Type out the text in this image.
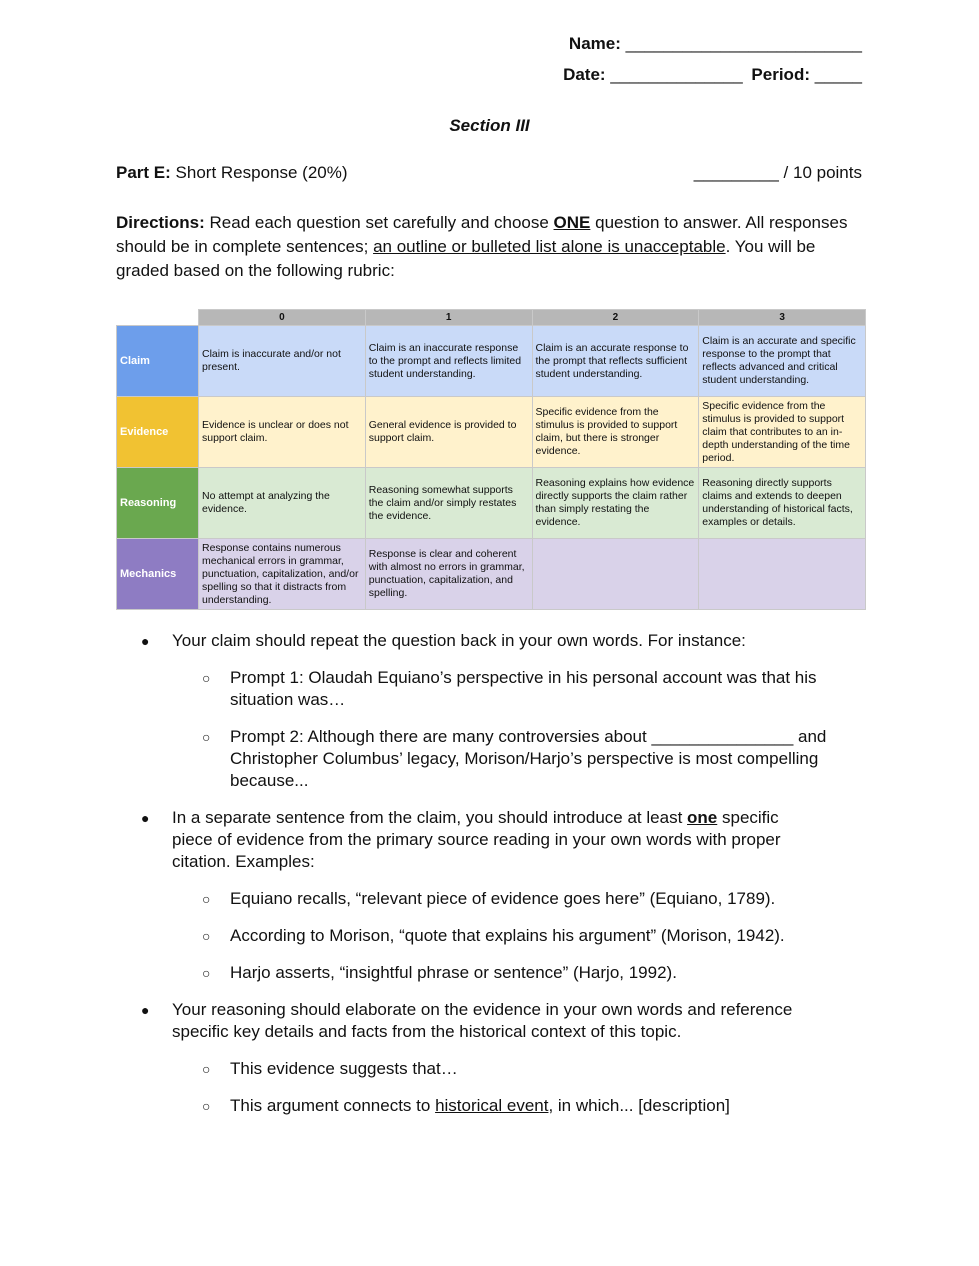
Name: _________________________
Date: ______________ Period: _____
Section III
Part E: Short Response (20%)	_________ / 10 points
Directions: Read each question set carefully and choose ONE question to answer. All responses should be in complete sentences; an outline or bulleted list alone is unacceptable. You will be graded based on the following rubric:
	0	1	2	3
Claim	Claim is inaccurate and/or not present.	Claim is an inaccurate response to the prompt and reflects limited student understanding.	Claim is an accurate response to the prompt that reflects sufficient student understanding.	Claim is an accurate and specific response to the prompt that reflects advanced and critical student understanding.
Evidence	Evidence is unclear or does not support claim.	General evidence is provided to support claim.	Specific evidence from the stimulus is provided to support claim, but there is stronger evidence.	Specific evidence from the stimulus is provided to support claim that contributes to an in-depth understanding of the time period.
Reasoning	No attempt at analyzing the evidence.	Reasoning somewhat supports the claim and/or simply restates the evidence.	Reasoning explains how evidence directly supports the claim rather than simply restating the evidence.	Reasoning directly supports claims and extends to deepen understanding of historical facts, examples or details.
Mechanics	Response contains numerous mechanical errors in grammar, punctuation, capitalization, and/or spelling so that it distracts from understanding.	Response is clear and coherent with almost no errors in grammar, punctuation, capitalization, and spelling.		
● Your claim should repeat the question back in your own words. For instance:
○ Prompt 1: Olaudah Equiano’s perspective in his personal account was that his situation was…
○ Prompt 2: Although there are many controversies about _______________ and Christopher Columbus’ legacy, Morison/Harjo’s perspective is most compelling because...
● In a separate sentence from the claim, you should introduce at least one specific piece of evidence from the primary source reading in your own words with proper citation. Examples:
○ Equiano recalls, “relevant piece of evidence goes here” (Equiano, 1789).
○ According to Morison, “quote that explains his argument” (Morison, 1942).
○ Harjo asserts, “insightful phrase or sentence” (Harjo, 1992).
● Your reasoning should elaborate on the evidence in your own words and reference specific key details and facts from the historical context of this topic.
○ This evidence suggests that…
○ This argument connects to historical event, in which... [description]
